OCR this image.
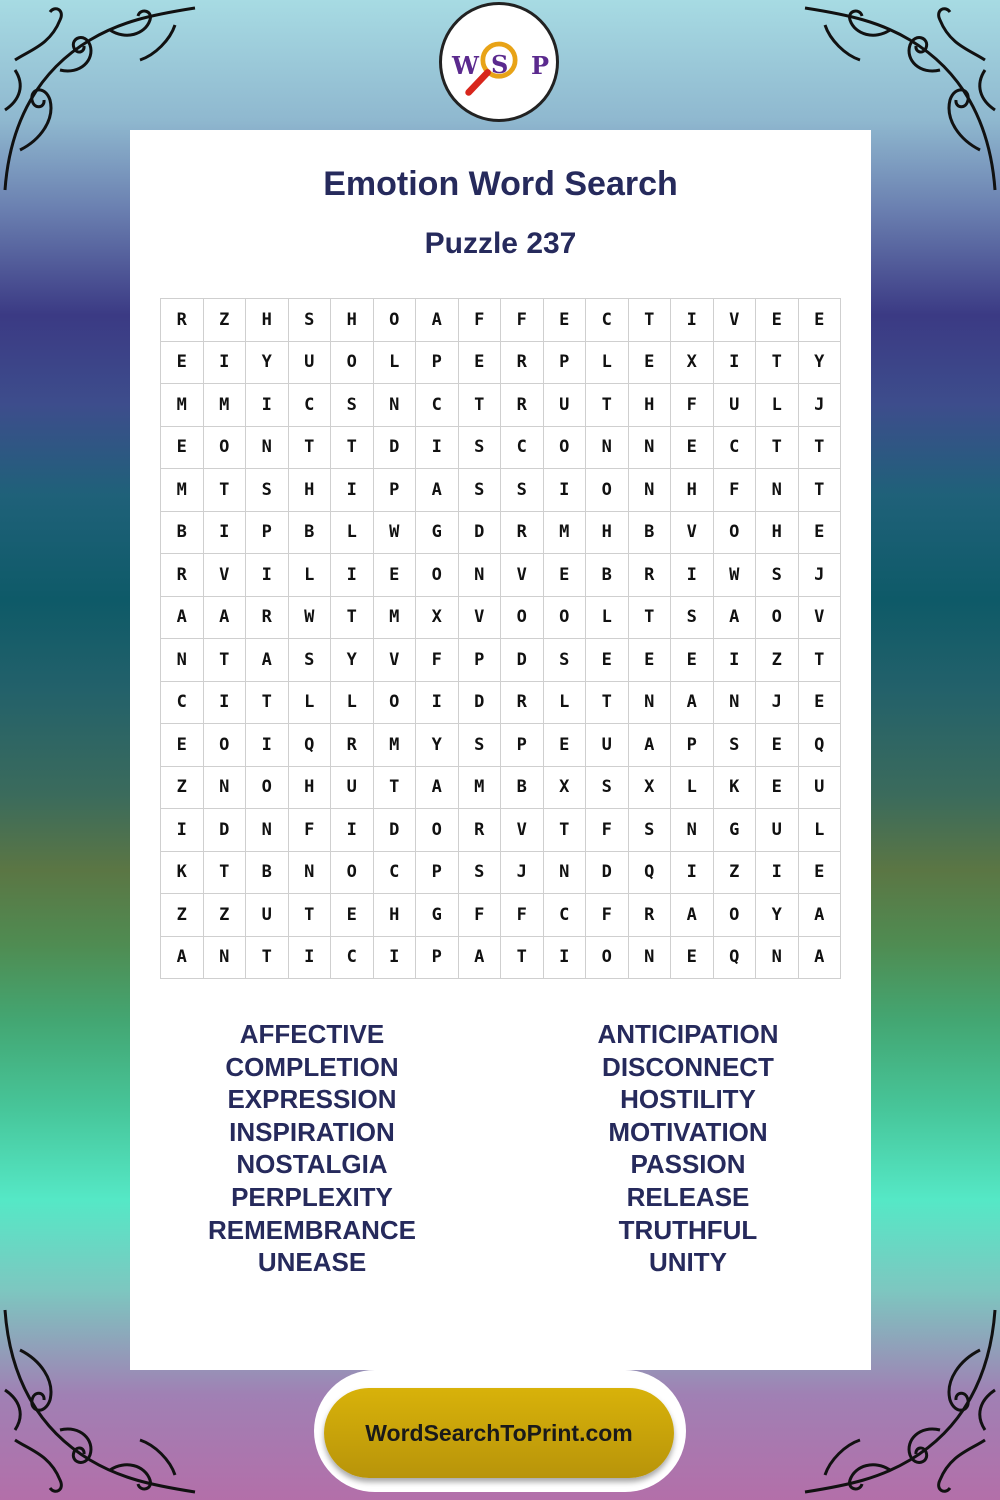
W S P
Emotion Word Search
Puzzle 237
R	Z	H	S	H	O	A	F	F	E	C	T	I	V	E	E
E	I	Y	U	O	L	P	E	R	P	L	E	X	I	T	Y
M	M	I	C	S	N	C	T	R	U	T	H	F	U	L	J
E	O	N	T	T	D	I	S	C	O	N	N	E	C	T	T
M	T	S	H	I	P	A	S	S	I	O	N	H	F	N	T
B	I	P	B	L	W	G	D	R	M	H	B	V	O	H	E
R	V	I	L	I	E	O	N	V	E	B	R	I	W	S	J
A	A	R	W	T	M	X	V	O	O	L	T	S	A	O	V
N	T	A	S	Y	V	F	P	D	S	E	E	E	I	Z	T
C	I	T	L	L	O	I	D	R	L	T	N	A	N	J	E
E	O	I	Q	R	M	Y	S	P	E	U	A	P	S	E	Q
Z	N	O	H	U	T	A	M	B	X	S	X	L	K	E	U
I	D	N	F	I	D	O	R	V	T	F	S	N	G	U	L
K	T	B	N	O	C	P	S	J	N	D	Q	I	Z	I	E
Z	Z	U	T	E	H	G	F	F	C	F	R	A	O	Y	A
A	N	T	I	C	I	P	A	T	I	O	N	E	Q	N	A
AFFECTIVE
COMPLETION
EXPRESSION
INSPIRATION
NOSTALGIA
PERPLEXITY
REMEMBRANCE
UNEASE
ANTICIPATION
DISCONNECT
HOSTILITY
MOTIVATION
PASSION
RELEASE
TRUTHFUL
UNITY
WordSearchToPrint.com
